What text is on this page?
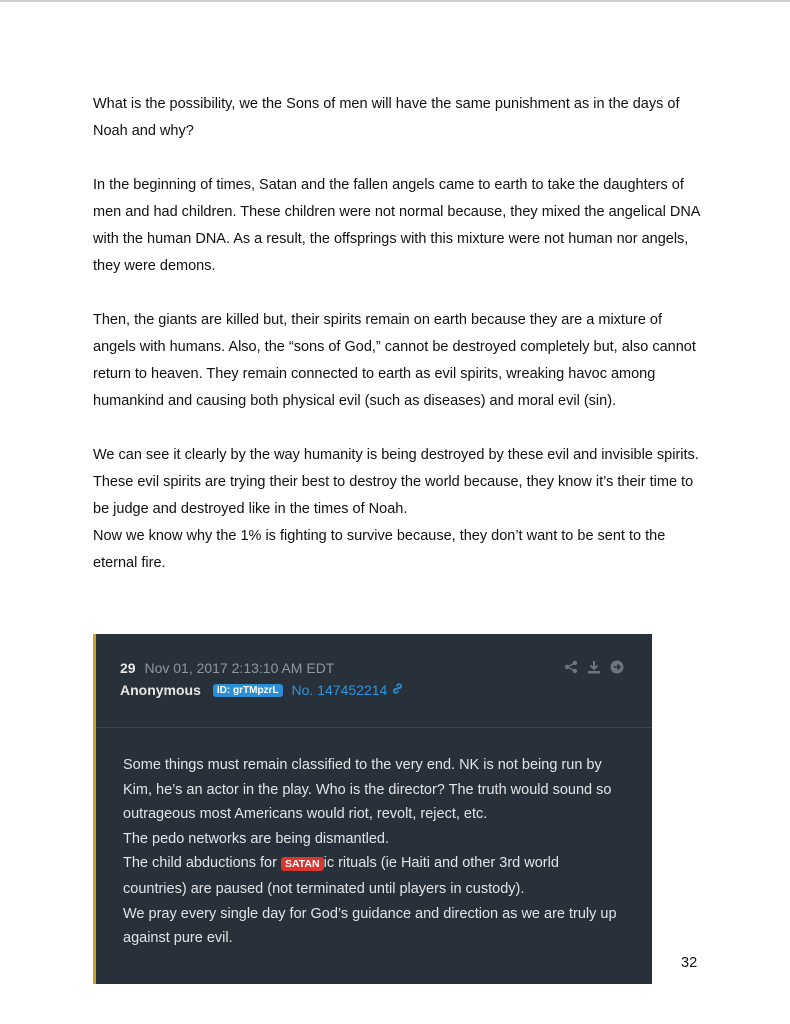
What is the possibility, we the Sons of men will have the same punishment as in the days of Noah and why?

In the beginning of times, Satan and the fallen angels came to earth to take the daughters of men and had children. These children were not normal because, they mixed the angelical DNA with the human DNA. As a result, the offsprings with this mixture were not human nor angels, they were demons.

Then, the giants are killed but, their spirits remain on earth because they are a mixture of angels with humans. Also, the “sons of God,” cannot be destroyed completely but, also cannot return to heaven. They remain connected to earth as evil spirits, wreaking havoc among humankind and causing both physical evil (such as diseases) and moral evil (sin).

We can see it clearly by the way humanity is being destroyed by these evil and invisible spirits. These evil spirits are trying their best to destroy the world because, they know it’s their time to be judge and destroyed like in the times of Noah.

Now we know why the 1% is fighting to survive because, they don’t want to be sent to the eternal fire.

29 Nov 01, 2017 2:13:10 AM EDT
Anonymous	ID: grTMpzrL No. 147452214
Some things must remain classified to the very end. NK is not being run by Kim, he’s an actor in the play. Who is the director? The truth would sound so outrageous most Americans would riot, revolt, reject, etc.
The pedo networks are being dismantled.
The child abductions for SATAN ic rituals (ie Haiti and other 3rd world countries) are paused (not terminated until players in custody).
We pray every single day for God’s guidance and direction as we are truly up against pure evil.
32
